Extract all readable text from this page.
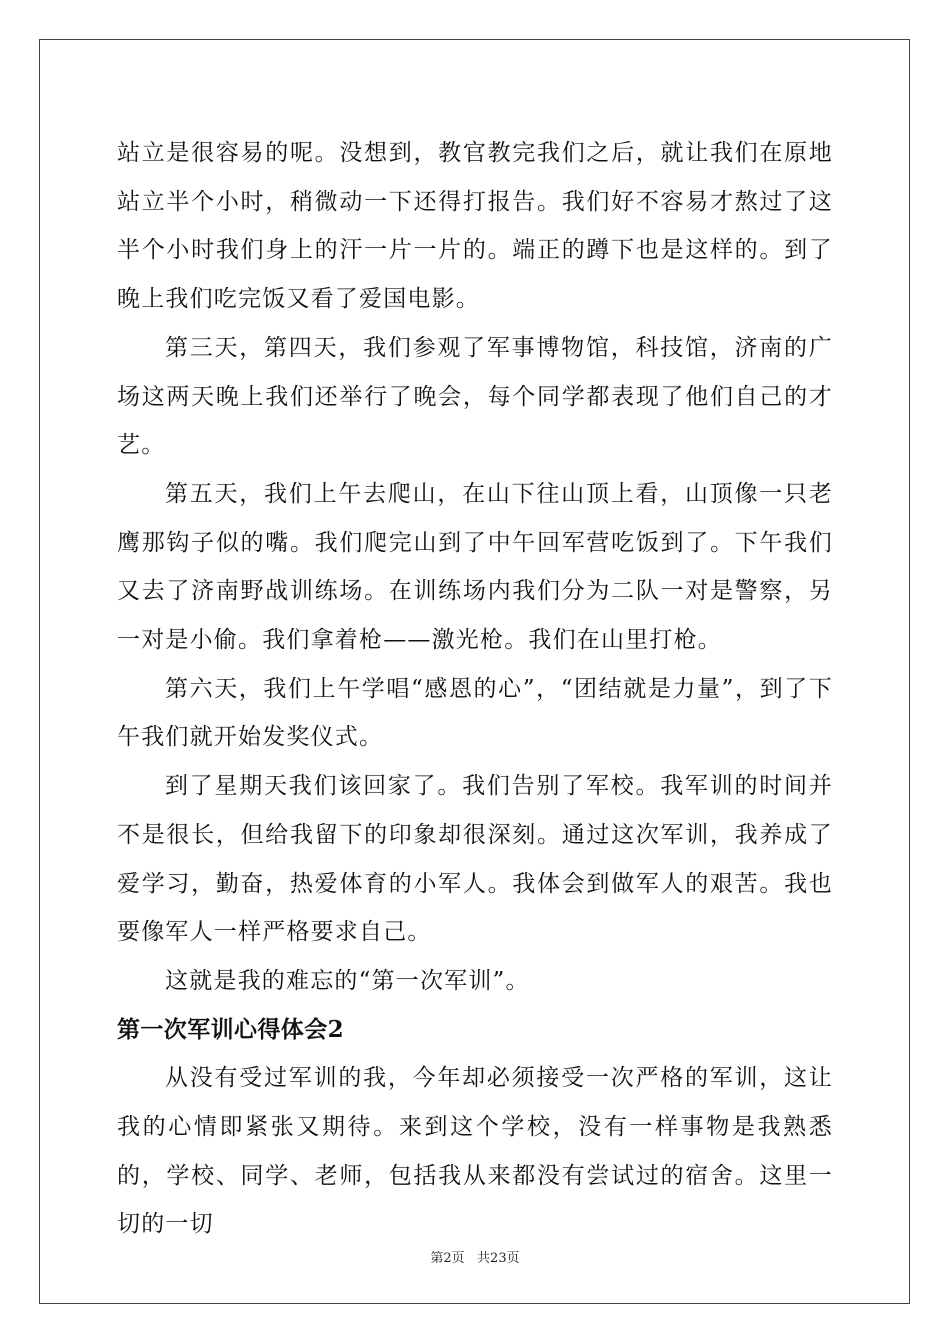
站立是很容易的呢。没想到，教官教完我们之后，就让我们在原地站立半个小时，稍微动一下还得打报告。我们好不容易才熬过了这半个小时我们身上的汗一片一片的。端正的蹲下也是这样的。到了晚上我们吃完饭又看了爱国电影。

第三天，第四天，我们参观了军事博物馆，科技馆，济南的广场这两天晚上我们还举行了晚会，每个同学都表现了他们自己的才艺。

第五天，我们上午去爬山，在山下往山顶上看，山顶像一只老鹰那钩子似的嘴。我们爬完山到了中午回军营吃饭到了。下午我们又去了济南野战训练场。在训练场内我们分为二队一对是警察，另一对是小偷。我们拿着枪——激光枪。我们在山里打枪。

第六天，我们上午学唱“感恩的心”，“团结就是力量”，到了下午我们就开始发奖仪式。

到了星期天我们该回家了。我们告别了军校。我军训的时间并不是很长，但给我留下的印象却很深刻。通过这次军训，我养成了爱学习，勤奋，热爱体育的小军人。我体会到做军人的艰苦。我也要像军人一样严格要求自己。

这就是我的难忘的“第一次军训”。

第一次军训心得体会2

从没有受过军训的我，今年却必须接受一次严格的军训，这让我的心情即紧张又期待。来到这个学校，没有一样事物是我熟悉的，学校、同学、老师，包括我从来都没有尝试过的宿舍。这里一切的一切

第2页   共23页
